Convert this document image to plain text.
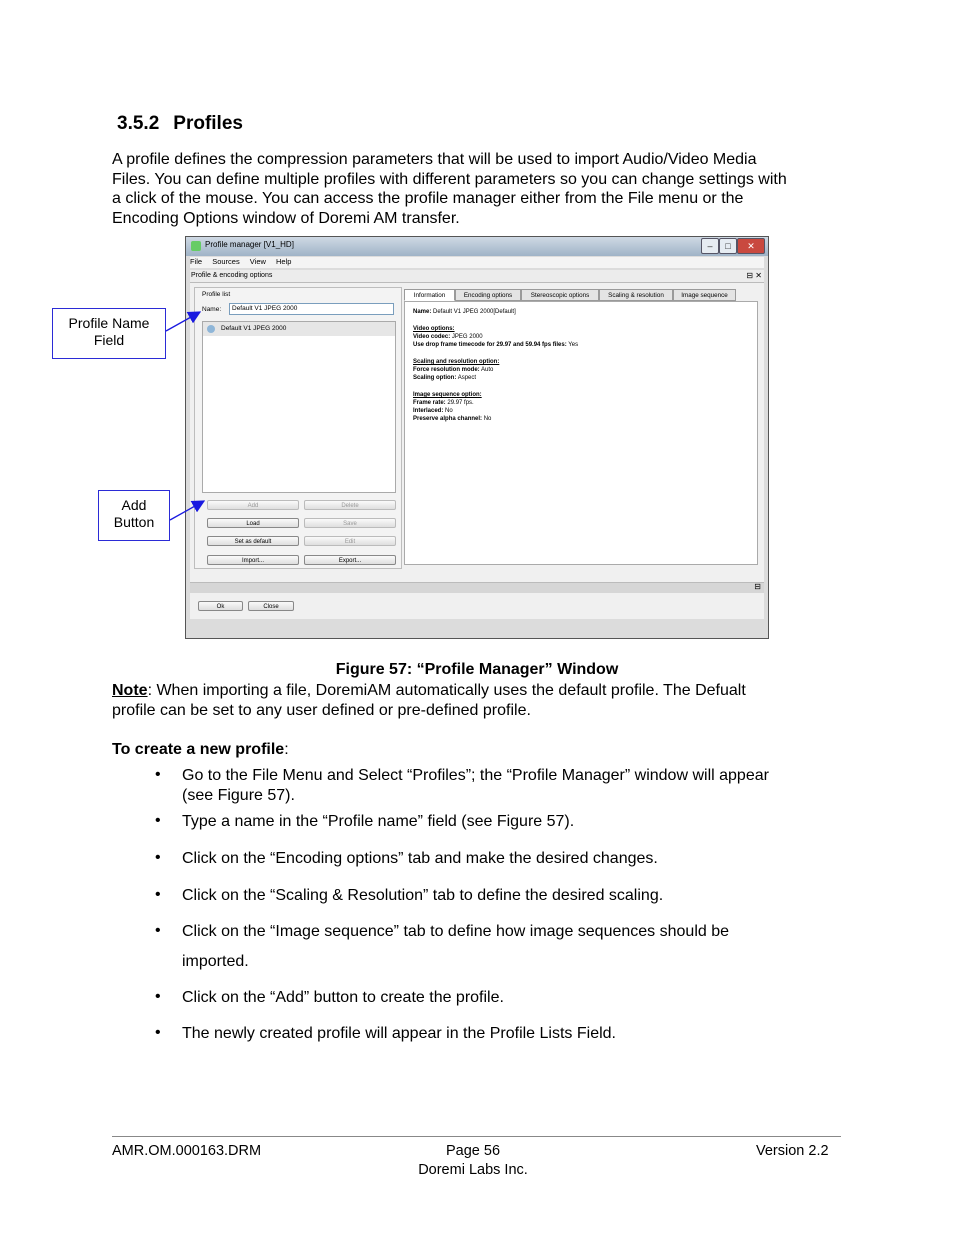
3.5.2 Profiles
A profile defines the compression parameters that will be used to import Audio/Video Media
Files. You can define multiple profiles with different parameters so you can change settings with
a click of the mouse. You can access the profile manager either from the File menu or the
Encoding Options window of Doremi AM transfer.
Profile manager [V1_HD]	–	□	✕
File Sources View Help
Profile & encoding options	⊟ ✕
Profile list
Name:	Default V1 JPEG 2000
Default V1 JPEG 2000
Add	Delete
Load	Save
Set as default	Edit
Import...	Export...
Information	Encoding options	Stereoscopic options	Scaling & resolution	Image sequence
Name: Default V1 JPEG 2000[Default]
Video options:
Video codec: JPEG 2000
Use drop frame timecode for 29.97 and 59.94 fps files: Yes
Scaling and resolution option:
Force resolution mode: Auto
Scaling option: Aspect
Image sequence option:
Frame rate: 29.97 fps.
Interlaced: No
Preserve alpha channel: No
⊟
Ok	Close
Profile Name
Field
Add
Button
Figure 57: “Profile Manager” Window
Note: When importing a file, DoremiAM automatically uses the default profile. The Defualt
profile can be set to any user defined or pre-defined profile.
To create a new profile:
• Go to the File Menu and Select “Profiles”; the “Profile Manager” window will appear
(see Figure 57).
• Type a name in the “Profile name” field (see Figure 57).
• Click on the “Encoding options” tab and make the desired changes.
• Click on the “Scaling & Resolution” tab to define the desired scaling.
• Click on the “Image sequence” tab to define how image sequences should be
imported.
• Click on the “Add” button to create the profile.
• The newly created profile will appear in the Profile Lists Field.
AMR.OM.000163.DRM	Page 56
Doremi Labs Inc.
Version 2.2
